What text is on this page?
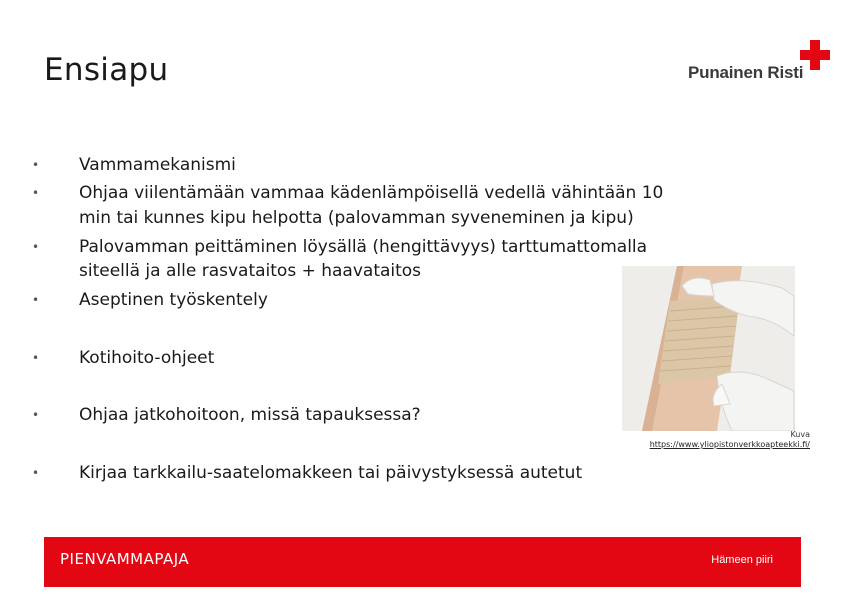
Ensiapu	Punainen Risti
• Vammamekanismi
• Ohjaa viilentämään vammaa kädenlämpöisellä vedellä vähintään 10
min tai kunnes kipu helpotta (palovamman syveneminen ja kipu)
• Palovamman peittäminen löysällä (hengittävyys) tarttumattomalla
siteellä ja alle rasvataitos + haavataitos
• Aseptinen työskentely
• Kotihoito-ohjeet
• Ohjaa jatkohoitoon, missä tapauksessa?
• Kirjaa tarkkailu-saatelomakkeen tai päivystyksessä autetut
Kuva
https://www.yliopistonverkkoapteekki.fi/
PIENVAMMAPAJA	Hämeen piiri
